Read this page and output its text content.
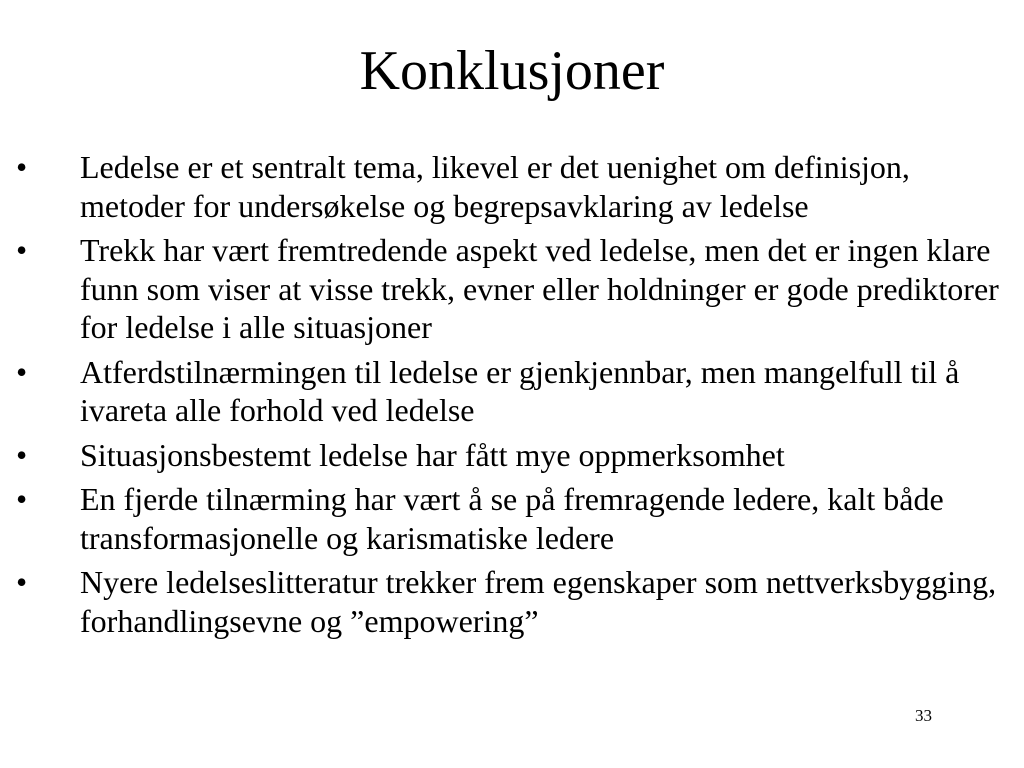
Konklusjoner
• Ledelse er et sentralt tema, likevel er det uenighet om definisjon, metoder for undersøkelse og begrepsavklaring av ledelse
• Trekk har vært fremtredende aspekt ved ledelse, men det er ingen klare funn som viser at visse trekk, evner eller holdninger er gode prediktorer for ledelse i alle situasjoner
• Atferdstilnærmingen til ledelse er gjenkjennbar, men mangelfull til å ivareta alle forhold ved ledelse
• Situasjonsbestemt ledelse har fått mye oppmerksomhet
• En fjerde tilnærming har vært å se på fremragende ledere, kalt både transformasjonelle og karismatiske ledere
• Nyere ledelseslitteratur trekker frem egenskaper som nettverksbygging, forhandlingsevne og ”empowering”
33
